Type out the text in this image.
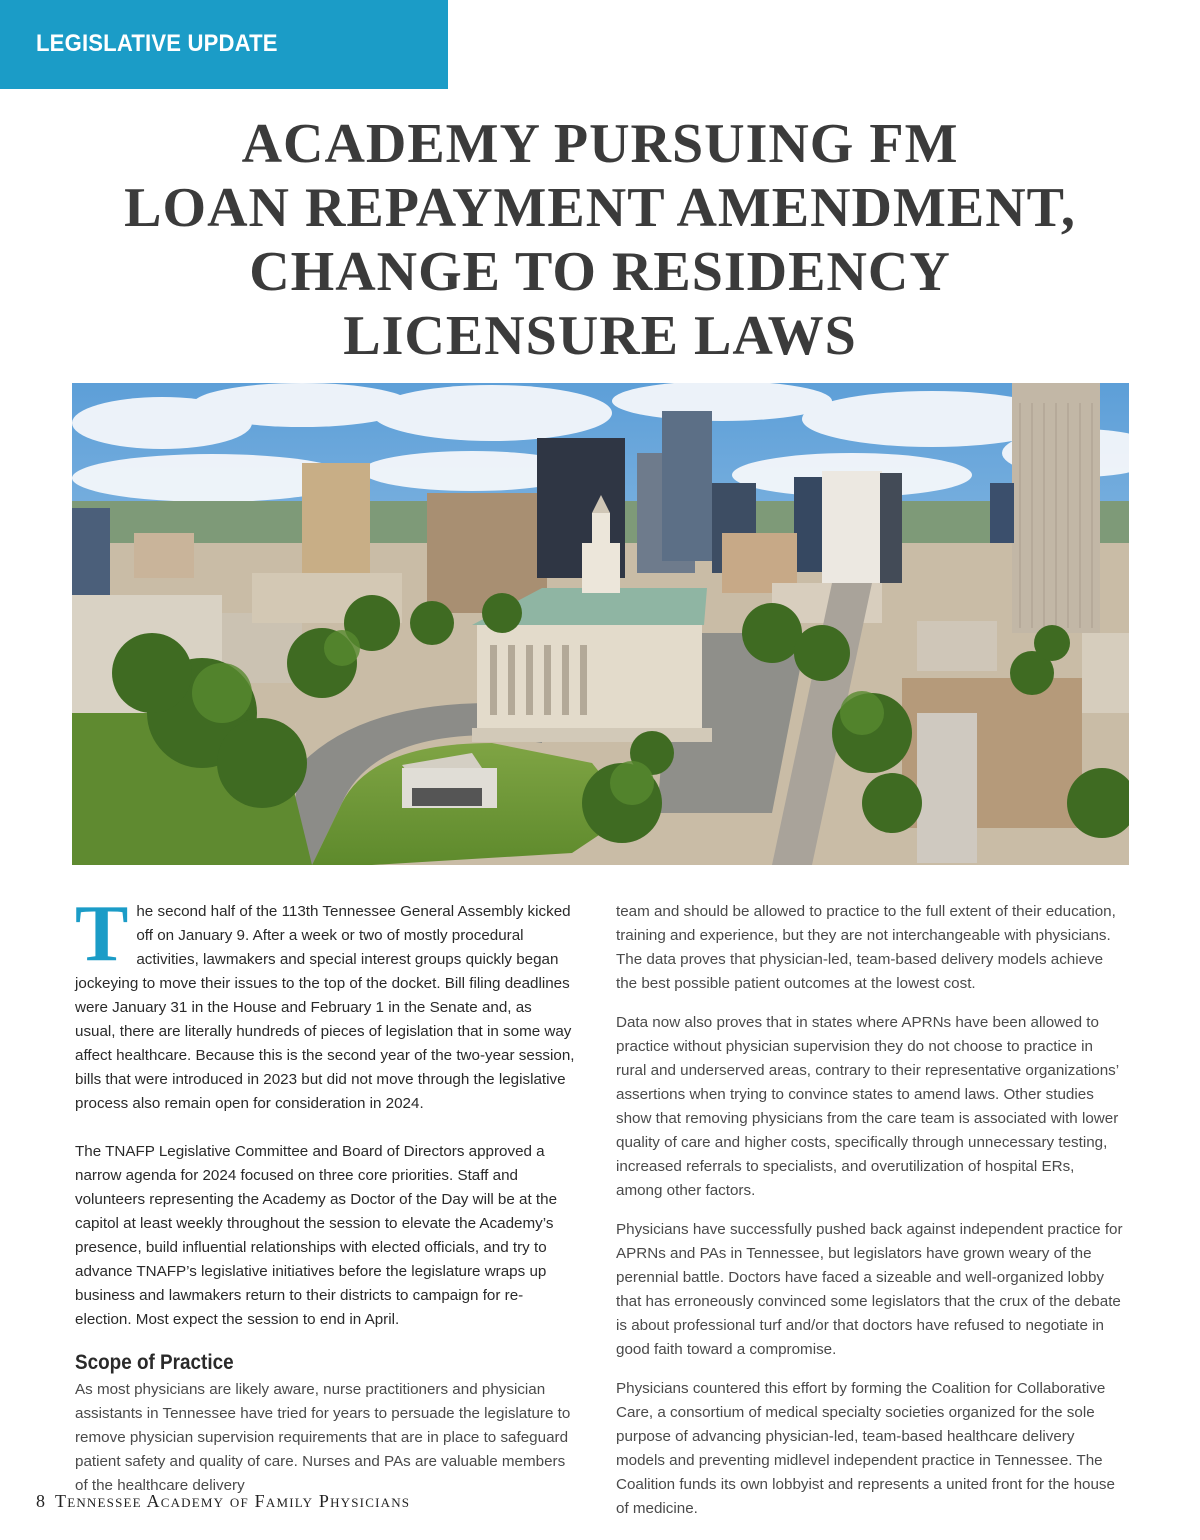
LEGISLATIVE UPDATE
ACADEMY PURSUING FM
LOAN REPAYMENT AMENDMENT,
CHANGE TO RESIDENCY
LICENSURE LAWS

The second half of the 113th Tennessee General Assembly kicked off on January 9. After a week or two of mostly procedural activities, lawmakers and special interest groups quickly began jockeying to move their issues to the top of the docket. Bill filing deadlines were January 31 in the House and February 1 in the Senate and, as usual, there are literally hundreds of pieces of legislation that in some way affect healthcare. Because this is the second year of the two-year session, bills that were introduced in 2023 but did not move through the legislative process also remain open for consideration in 2024.

The TNAFP Legislative Committee and Board of Directors approved a narrow agenda for 2024 focused on three core priorities. Staff and volunteers representing the Academy as Doctor of the Day will be at the capitol at least weekly throughout the session to elevate the Academy’s presence, build influential relationships with elected officials, and try to advance TNAFP’s legislative initiatives before the legislature wraps up business and lawmakers return to their districts to campaign for re-election. Most expect the session to end in April.

Scope of Practice

As most physicians are likely aware, nurse practitioners and physician assistants in Tennessee have tried for years to persuade the legislature to remove physician supervision requirements that are in place to safeguard patient safety and quality of care. Nurses and PAs are valuable members of the healthcare delivery

team and should be allowed to practice to the full extent of their education, training and experience, but they are not interchangeable with physicians. The data proves that physician-led, team-based delivery models achieve the best possible patient outcomes at the lowest cost.

Data now also proves that in states where APRNs have been allowed to practice without physician supervision they do not choose to practice in rural and underserved areas, contrary to their representative organizations’ assertions when trying to convince states to amend laws. Other studies show that removing physicians from the care team is associated with lower quality of care and higher costs, specifically through unnecessary testing, increased referrals to specialists, and overutilization of hospital ERs, among other factors.

Physicians have successfully pushed back against independent practice for APRNs and PAs in Tennessee, but legislators have grown weary of the perennial battle. Doctors have faced a sizeable and well-organized lobby that has erroneously convinced some legislators that the crux of the debate is about professional turf and/or that doctors have refused to negotiate in good faith toward a compromise.

Physicians countered this effort by forming the Coalition for Collaborative Care, a consortium of medical specialty societies organized for the sole purpose of advancing physician-led, team-based healthcare delivery models and preventing midlevel independent practice in Tennessee. The Coalition funds its own lobbyist and represents a united front for the house of medicine.

8 Tennessee Academy of Family Physicians
